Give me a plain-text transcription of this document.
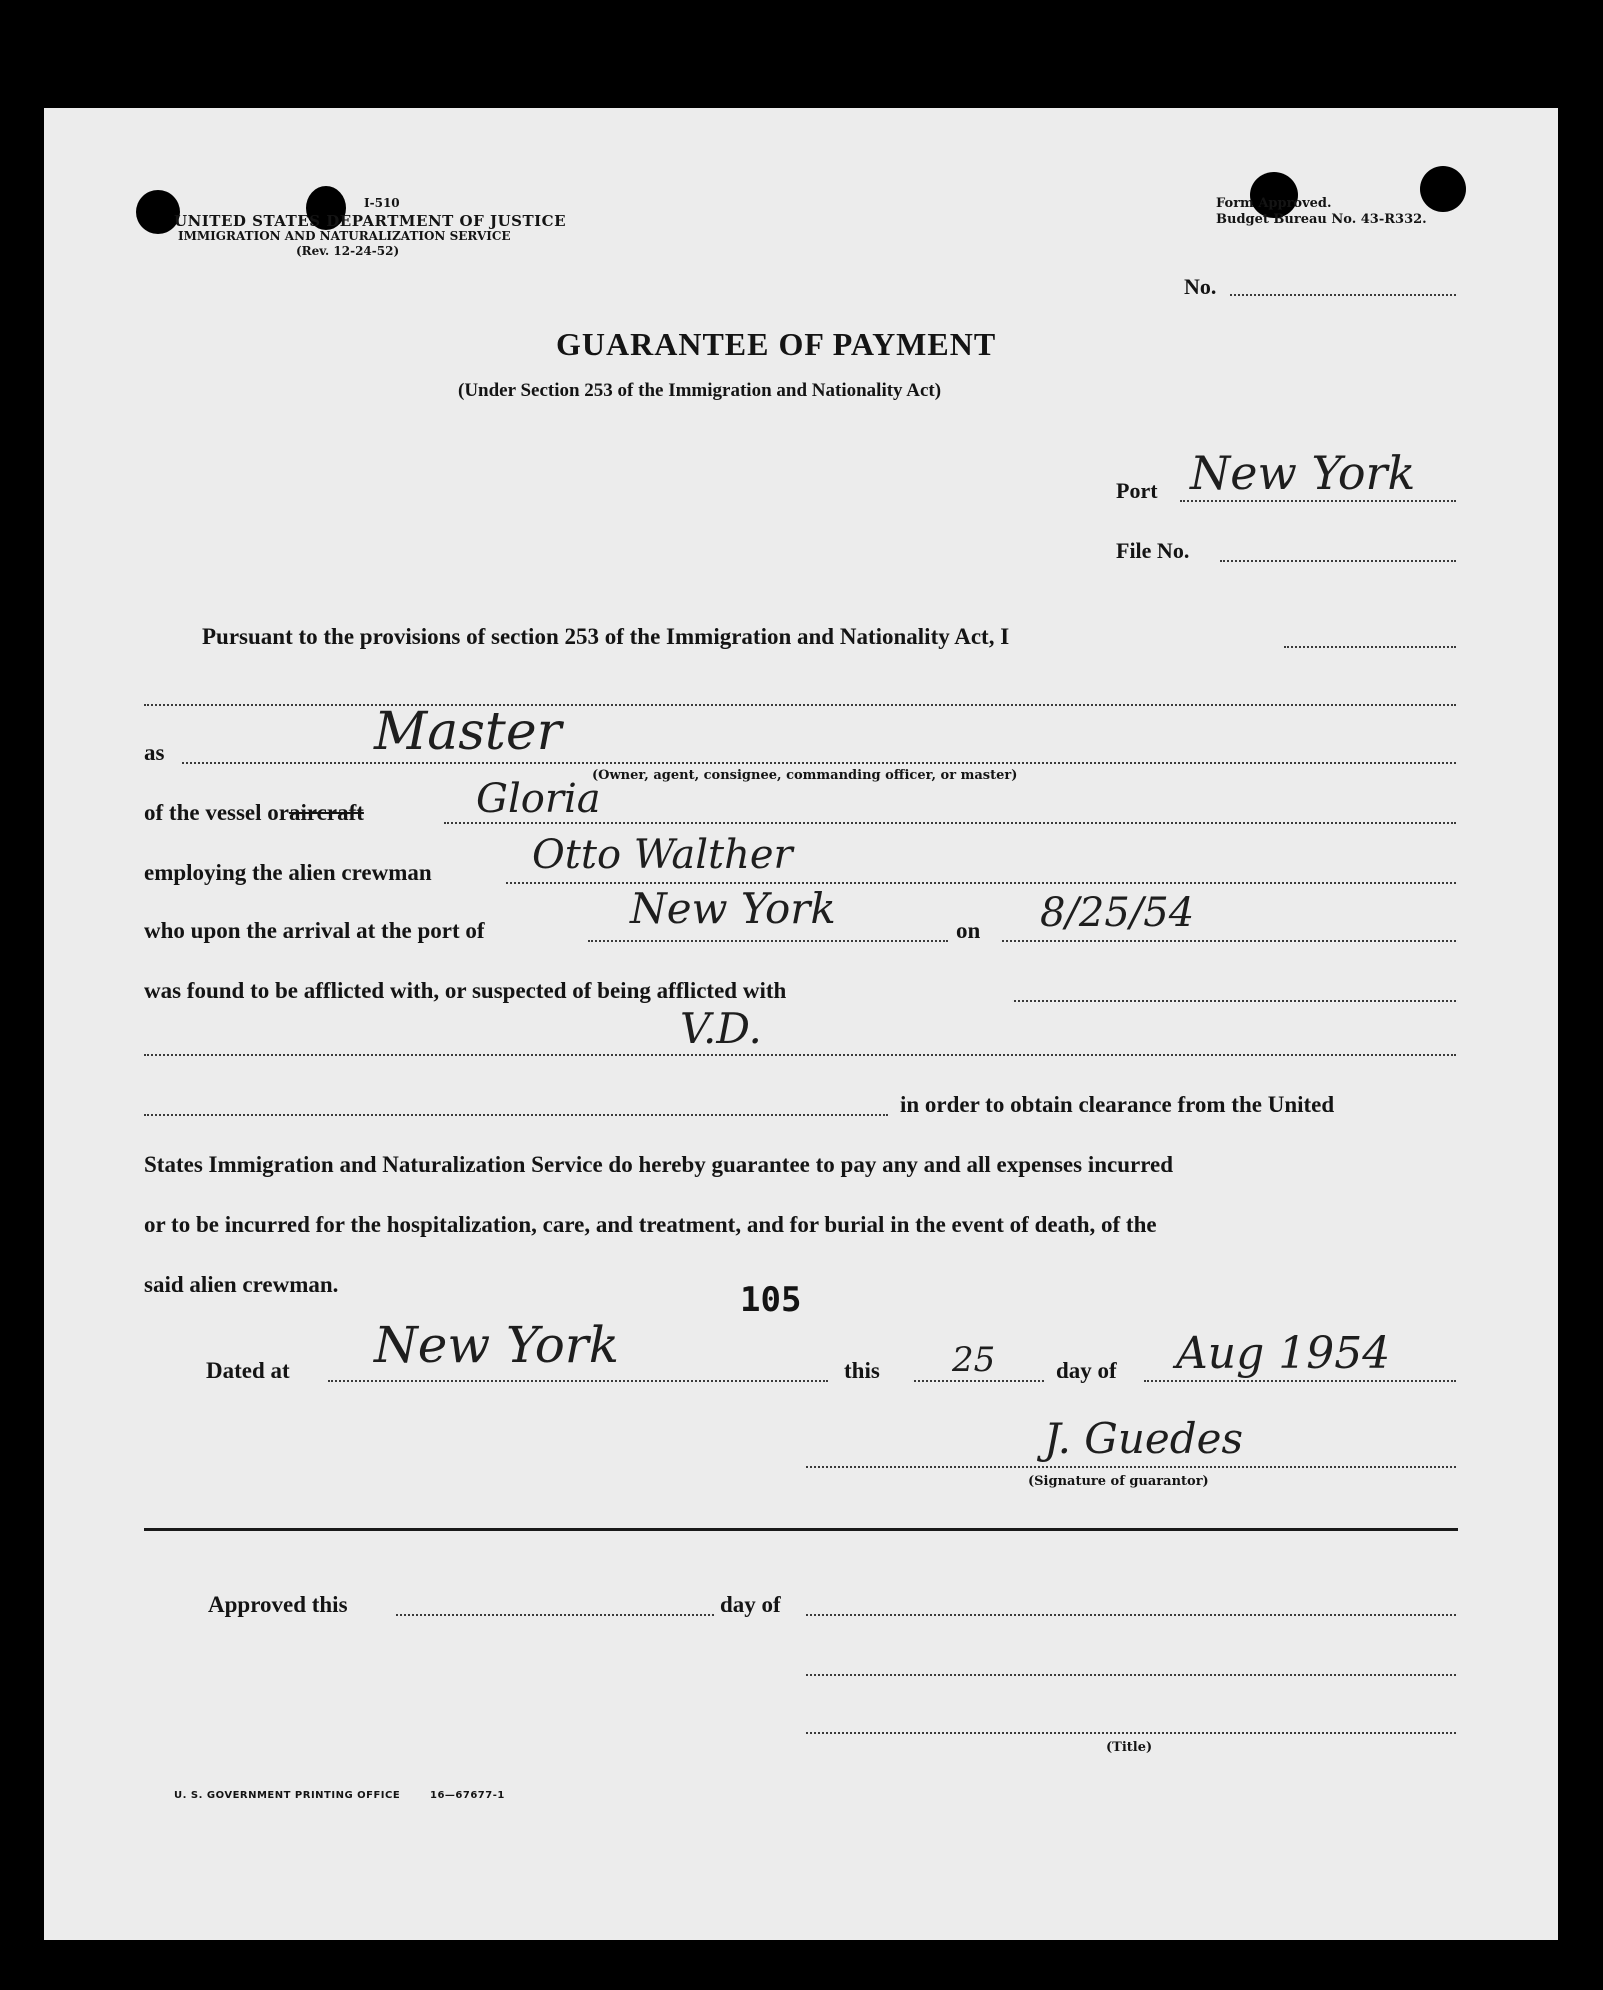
I-510
UNITED STATES DEPARTMENT OF JUSTICE
IMMIGRATION AND NATURALIZATION SERVICE
(Rev. 12-24-52)
Form Approved.
Budget Bureau No. 43-R332.
No.
GUARANTEE OF PAYMENT
(Under Section 253 of the Immigration and Nationality Act)
Port New York
File No.
Pursuant to the provisions of section 253 of the Immigration and Nationality Act, I
as	Master
(Owner, agent, consignee, commanding officer, or master)
of the vessel oraircraft	Gloria
employing the alien crewman	Otto Walther
who upon the arrival at the port of	New York	on 8/25/54
was found to be afflicted with, or suspected of being afflicted with
V.D.
in order to obtain clearance from the United
States Immigration and Naturalization Service do hereby guarantee to pay any and all expenses incurred
or to be incurred for the hospitalization, care, and treatment, and for burial in the event of death, of the
said alien crewman.	105
Dated at New York	this 25	day of Aug 1954
J. Guedes
(Signature of guarantor)
Approved this	day of
(Title)
U. S. GOVERNMENT PRINTING OFFICE	16—67677-1
